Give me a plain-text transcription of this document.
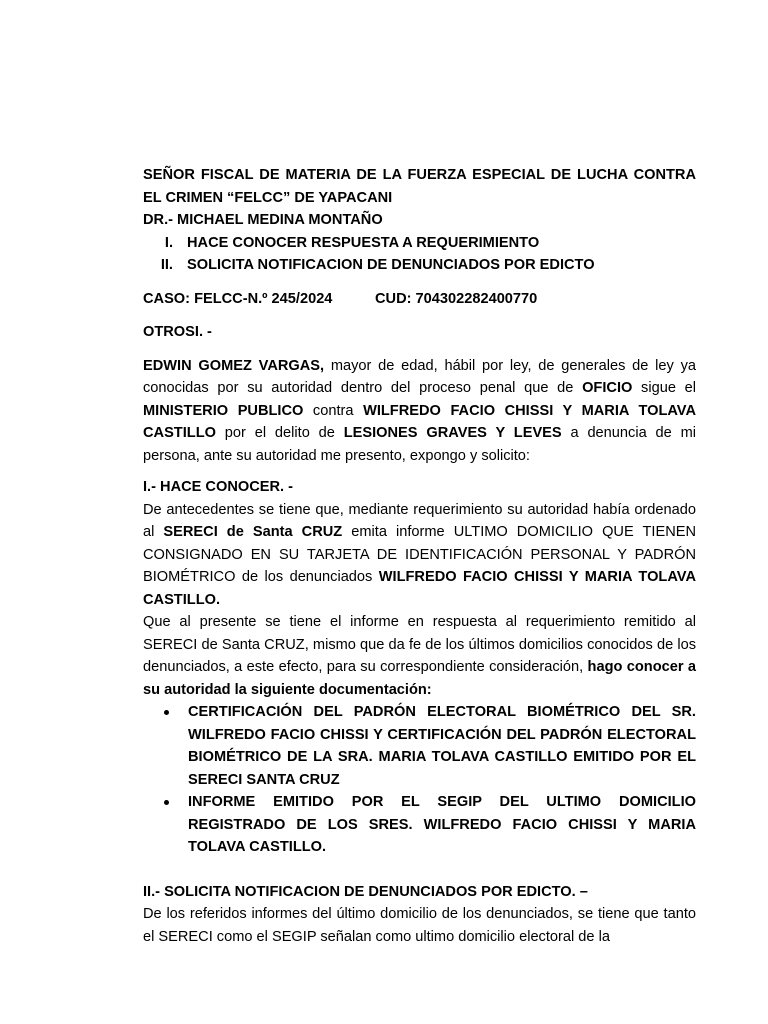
SEÑOR FISCAL DE MATERIA DE LA FUERZA ESPECIAL DE LUCHA CONTRA EL CRIMEN “FELCC” DE YAPACANI

DR.- MICHAEL MEDINA MONTAÑO

I. HACE CONOCER RESPUESTA A REQUERIMIENTO
II. SOLICITA NOTIFICACION DE DENUNCIADOS POR EDICTO
CASO: FELCC-N.º 245/2024	CUD: 704302282400770

OTROSI. -

EDWIN GOMEZ VARGAS, mayor de edad, hábil por ley, de generales de ley ya conocidas por su autoridad dentro del proceso penal que de OFICIO sigue el MINISTERIO PUBLICO contra WILFREDO FACIO CHISSI Y MARIA TOLAVA CASTILLO por el delito de LESIONES GRAVES Y LEVES a denuncia de mi persona, ante su autoridad me presento, expongo y solicito:

I.- HACE CONOCER. -

De antecedentes se tiene que, mediante requerimiento su autoridad había ordenado al SERECI de Santa CRUZ emita informe ULTIMO DOMICILIO QUE TIENEN CONSIGNADO EN SU TARJETA DE IDENTIFICACIÓN PERSONAL Y PADRÓN BIOMÉTRICO de los denunciados WILFREDO FACIO CHISSI Y MARIA TOLAVA CASTILLO.

Que al presente se tiene el informe en respuesta al requerimiento remitido al SERECI de Santa CRUZ, mismo que da fe de los últimos domicilios conocidos de los denunciados, a este efecto, para su correspondiente consideración, hago conocer a su autoridad la siguiente documentación:

CERTIFICACIÓN DEL PADRÓN ELECTORAL BIOMÉTRICO DEL SR. WILFREDO FACIO CHISSI Y CERTIFICACIÓN DEL PADRÓN ELECTORAL BIOMÉTRICO DE LA SRA. MARIA TOLAVA CASTILLO EMITIDO POR EL SERECI SANTA CRUZ
INFORME EMITIDO POR EL SEGIP DEL ULTIMO DOMICILIO REGISTRADO DE LOS SRES. WILFREDO FACIO CHISSI Y MARIA TOLAVA CASTILLO.

II.- SOLICITA NOTIFICACION DE DENUNCIADOS POR EDICTO. –

De los referidos informes del último domicilio de los denunciados, se tiene que tanto el SERECI como el SEGIP señalan como ultimo domicilio electoral de la
